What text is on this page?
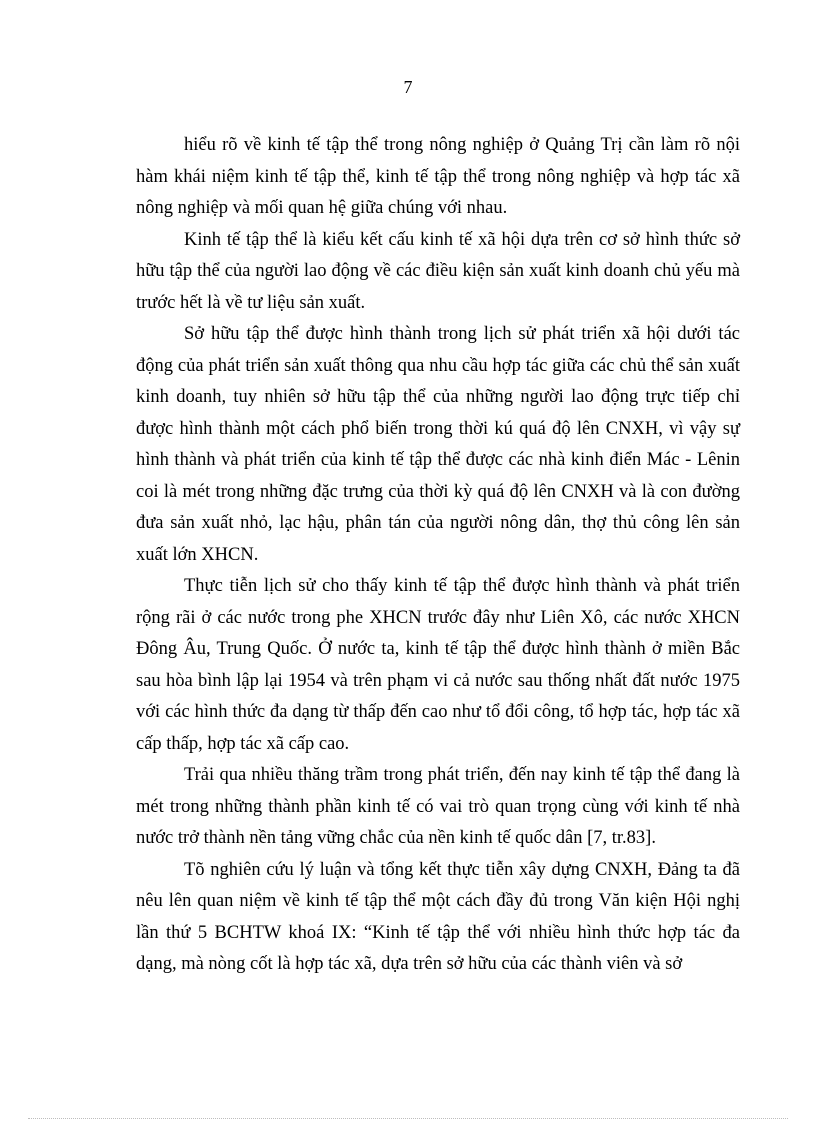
7

hiểu rõ về kinh tế tập thể trong nông nghiệp ở Quảng Trị cần làm rõ nội hàm khái niệm kinh tế tập thể, kinh tế tập thể trong nông nghiệp và hợp tác xã nông nghiệp và mối quan hệ giữa chúng với nhau.

Kinh tế tập thể là kiểu kết cấu kinh tế xã hội dựa trên cơ sở hình thức sở hữu tập thể của người lao động về các điều kiện sản xuất kinh doanh chủ yếu mà trước hết là về tư liệu sản xuất.

Sở hữu tập thể được hình thành trong lịch sử phát triển xã hội dưới tác động của phát triển sản xuất thông qua nhu cầu hợp tác giữa các chủ thể sản xuất kinh doanh, tuy nhiên sở hữu tập thể của những người lao động trực tiếp chỉ được hình thành một cách phổ biến trong thời kú quá độ lên CNXH, vì vậy sự hình thành và phát triển của kinh tế tập thể được các nhà kinh điển Mác - Lênin coi là mét trong những đặc trưng của thời kỳ quá độ lên CNXH và là con đường đưa sản xuất nhỏ, lạc hậu, phân tán của người nông dân, thợ thủ công lên sản xuất lớn XHCN.

Thực tiễn lịch sử cho thấy kinh tế tập thể được hình thành và phát triển rộng rãi ở các nước trong phe XHCN trước đây như Liên Xô, các nước XHCN Đông Âu, Trung Quốc. Ở nước ta, kinh tế tập thể được hình thành ở miền Bắc sau hòa bình lập lại 1954 và trên phạm vi cả nước sau thống nhất đất nước 1975 với các hình thức đa dạng từ thấp đến cao như tổ đổi công, tổ hợp tác, hợp tác xã cấp thấp, hợp tác xã cấp cao.

Trải qua nhiều thăng trầm trong phát triển, đến nay kinh tế tập thể đang là mét trong những thành phần kinh tế có vai trò quan trọng cùng với kinh tế nhà nước trở thành nền tảng vững chắc của nền kinh tế quốc dân [7, tr.83].

Tõ nghiên cứu lý luận và tổng kết thực tiễn xây dựng CNXH, Đảng ta đã nêu lên quan niệm về kinh tế tập thể một cách đầy đủ trong Văn kiện Hội nghị lần thứ 5 BCHTW khoá IX: “Kinh tế tập thể với nhiều hình thức hợp tác đa dạng, mà nòng cốt là hợp tác xã, dựa trên sở hữu của các thành viên và sở
